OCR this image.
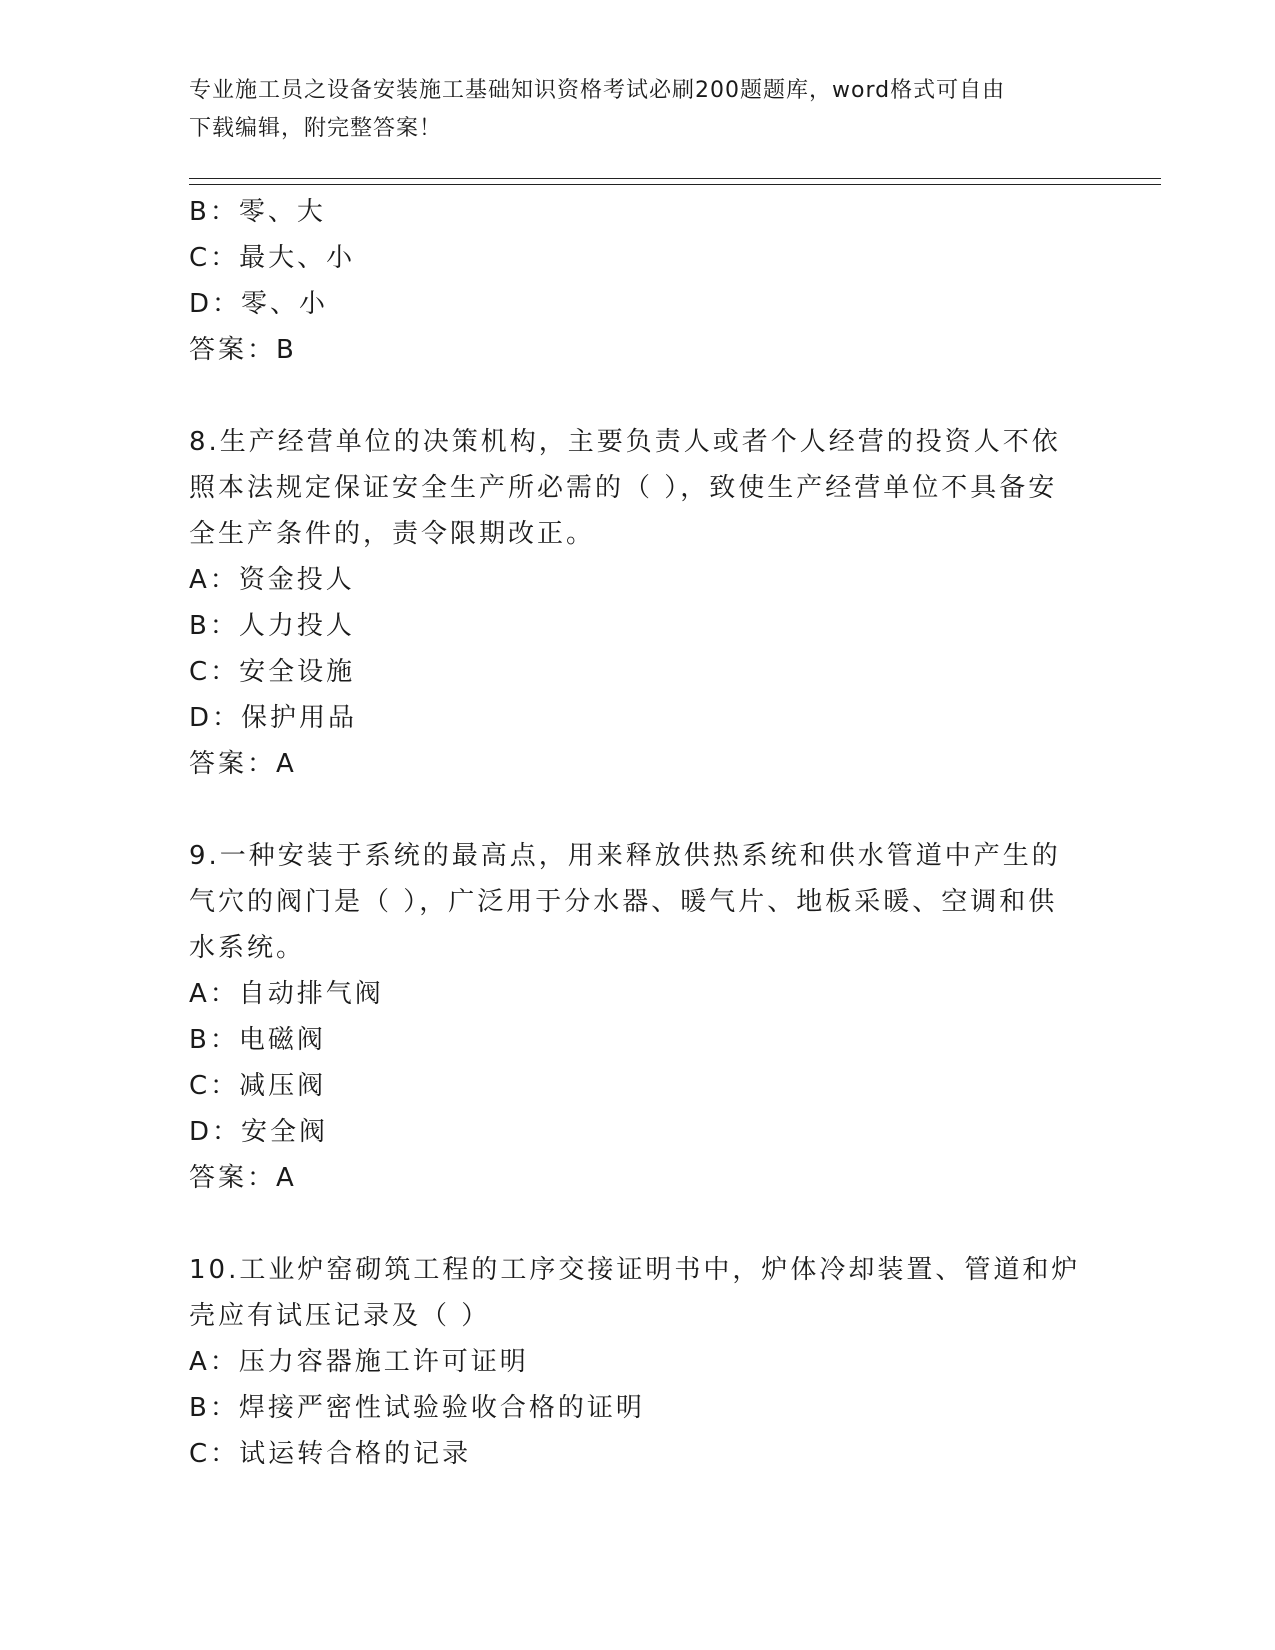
专业施工员之设备安装施工基础知识资格考试必刷200题题库，word格式可自由
下载编辑，附完整答案！
B：零、大
C：最大、小
D：零、小
答案：B
8.生产经营单位的决策机构，主要负责人或者个人经营的投资人不依
照本法规定保证安全生产所必需的（ ），致使生产经营单位不具备安
全生产条件的，责令限期改正。
A：资金投人
B：人力投人
C：安全设施
D：保护用品
答案：A
9.一种安装于系统的最高点，用来释放供热系统和供水管道中产生的
气穴的阀门是（ ），广泛用于分水器、暖气片、地板采暖、空调和供
水系统。
A：自动排气阀
B：电磁阀
C：减压阀
D：安全阀
答案：A
10.工业炉窑砌筑工程的工序交接证明书中，炉体冷却装置、管道和炉
壳应有试压记录及（ ）
A：压力容器施工许可证明
B：焊接严密性试验验收合格的证明
C：试运转合格的记录
